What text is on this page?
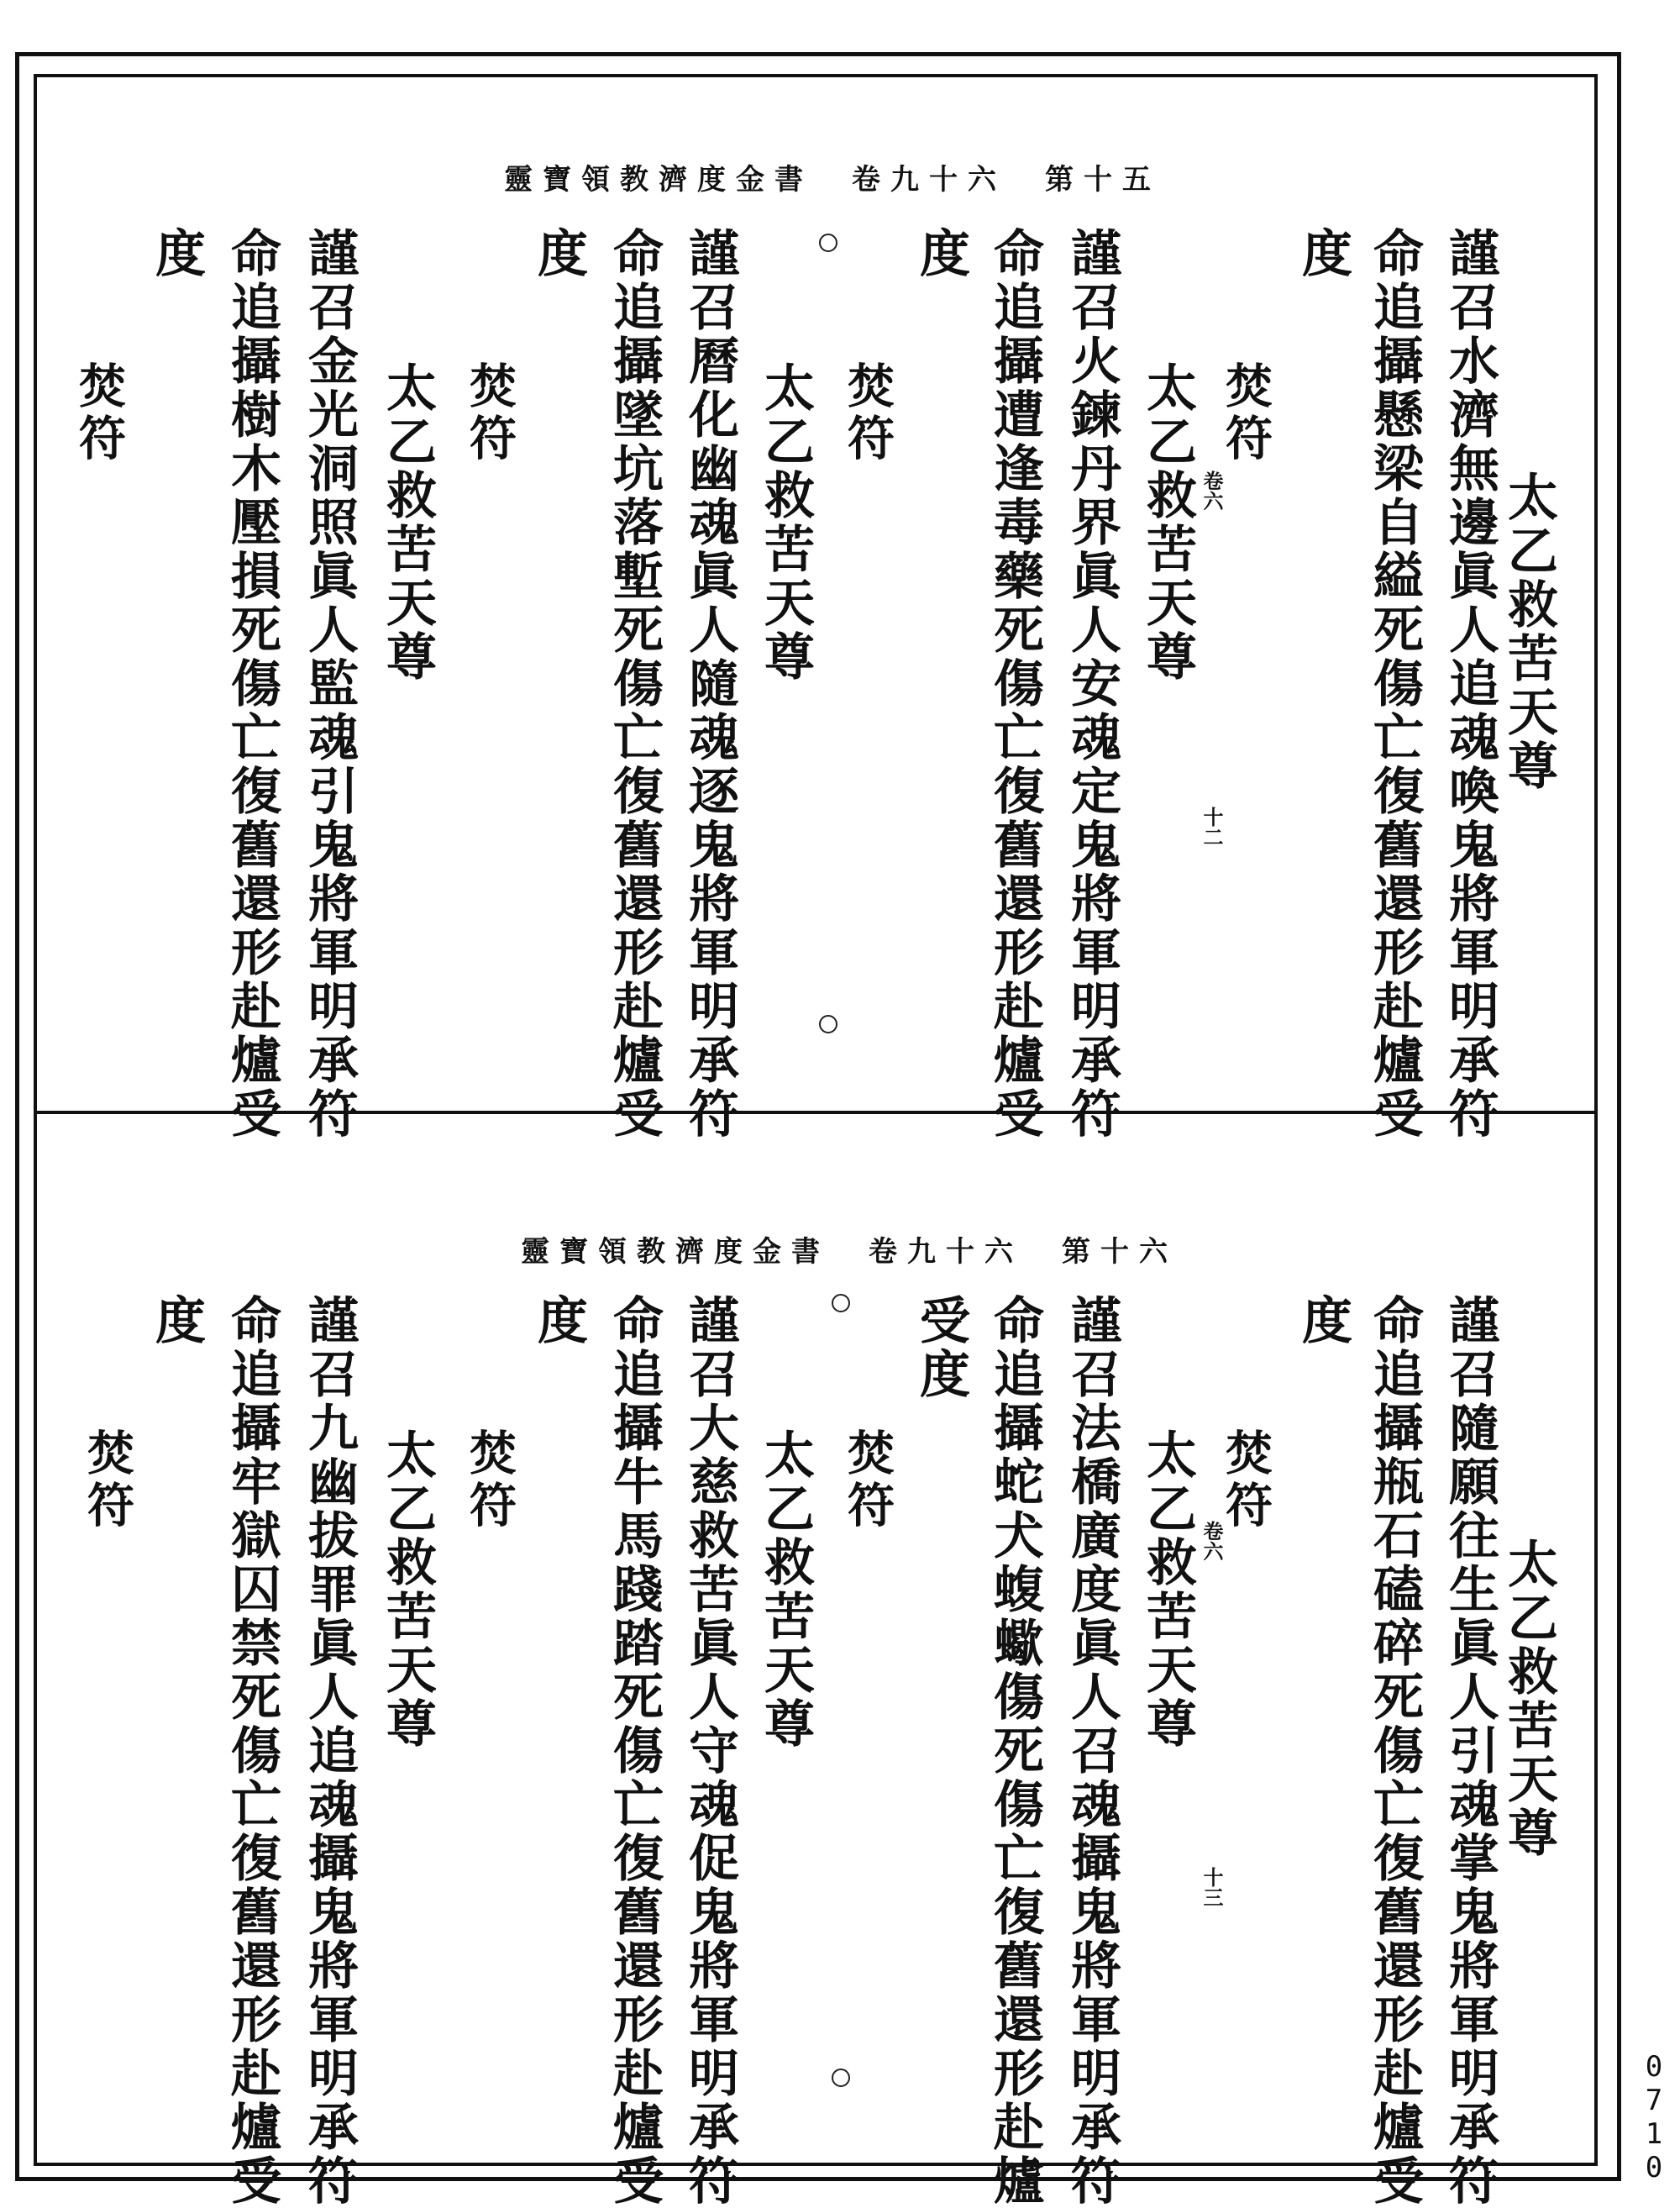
靈寶領教濟度金書　卷九十六　第十五
太乙救苦天尊
謹召水濟無邊眞人追魂喚鬼將軍明承符
命追攝懸梁自縊死傷亡復舊還形赴爐受
度
焚符
太乙救苦天尊
謹召火鍊丹界眞人安魂定鬼將軍明承符
命追攝遭逢毒藥死傷亡復舊還形赴爐受
度
焚符
太乙救苦天尊
謹召曆化幽魂眞人隨魂逐鬼將軍明承符
命追攝墜坑落塹死傷亡復舊還形赴爐受
度
焚符
太乙救苦天尊
謹召金光洞照眞人監魂引鬼將軍明承符
命追攝樹木壓損死傷亡復舊還形赴爐受
度
焚符
卷六
十二
靈寶領教濟度金書　卷九十六　第十六
太乙救苦天尊
謹召隨願往生眞人引魂掌鬼將軍明承符
命追攝瓶石磕碎死傷亡復舊還形赴爐受
度
焚符
太乙救苦天尊
謹召法橋廣度眞人召魂攝鬼將軍明承符
命追攝蛇犬蝮蠍傷死傷亡復舊還形赴爐
受度
焚符
太乙救苦天尊
謹召大慈救苦眞人守魂促鬼將軍明承符
命追攝牛馬踐踏死傷亡復舊還形赴爐受
度
焚符
太乙救苦天尊
謹召九幽拔罪眞人追魂攝鬼將軍明承符
命追攝牢獄囚禁死傷亡復舊還形赴爐受
度
焚符
卷六
十三
0710
